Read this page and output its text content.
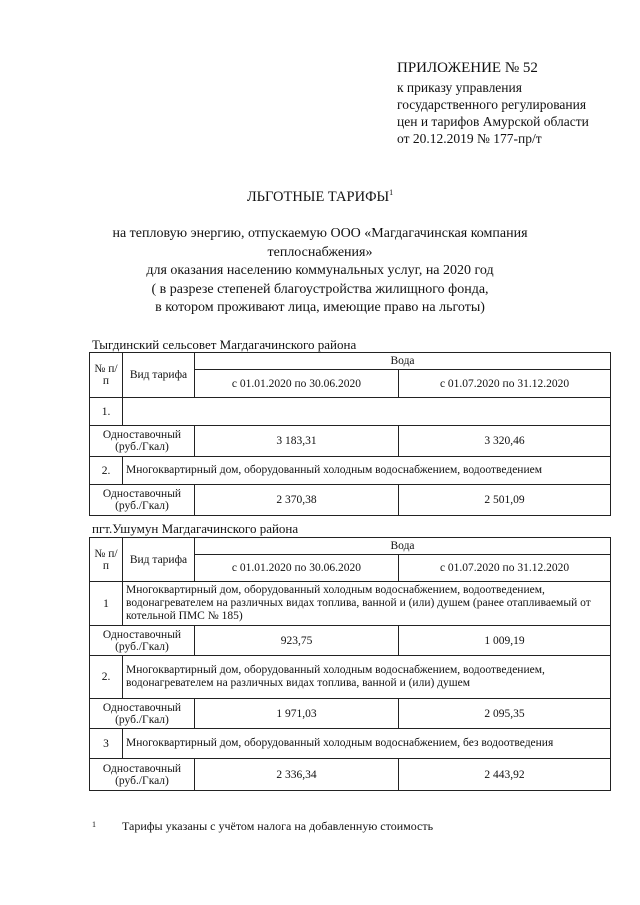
ПРИЛОЖЕНИЕ № 52
к приказу управления
государственного регулирования
цен и тарифов Амурской области
от 20.12.2019 № 177-пр/т
ЛЬГОТНЫЕ ТАРИФЫ$^1$
на тепловую энергию, отпускаемую ООО «Магдагачинская компания
теплоснабжения»
для оказания населению коммунальных услуг, на 2020 год
( в разрезе степеней благоустройства жилищного фонда,
в котором проживают лица, имеющие право на льготы)
Тыгдинский сельсовет Магдагачинского района
№ п/п	Вид тарифа	Вода	
		с 01.01.2020 по 30.06.2020	с 01.07.2020 по 31.12.2020
1.			
Одноставочный (руб./Гкал)		3 183,31	3 320,46
2.	Многоквартирный дом, оборудованный холодным водоснабжением, водоотведением		
Одноставочный (руб./Гкал)		2 370,38	2 501,09
пгт.Ушумун Магдагачинского района
№ п/п	Вид тарифа	Вода	
		с 01.01.2020 по 30.06.2020	с 01.07.2020 по 31.12.2020
1	Многоквартирный дом, оборудованный холодным водоснабжением, водоотведением, водонагревателем на различных видах топлива, ванной и (или) душем (ранее отапливаемый от котельной ПМС № 185)		
Одноставочный (руб./Гкал)		923,75	1 009,19
2.	Многоквартирный дом, оборудованный холодным водоснабжением, водоотведением, водонагревателем на различных видах топлива, ванной и (или) душем		
Одноставочный (руб./Гкал)		1 971,03	2 095,35
3	Многоквартирный дом, оборудованный холодным водоснабжением, без водоотведения		
Одноставочный (руб./Гкал)		2 336,34	2 443,92
$^1$ Тарифы указаны с учётом налога на добавленную стоимость
